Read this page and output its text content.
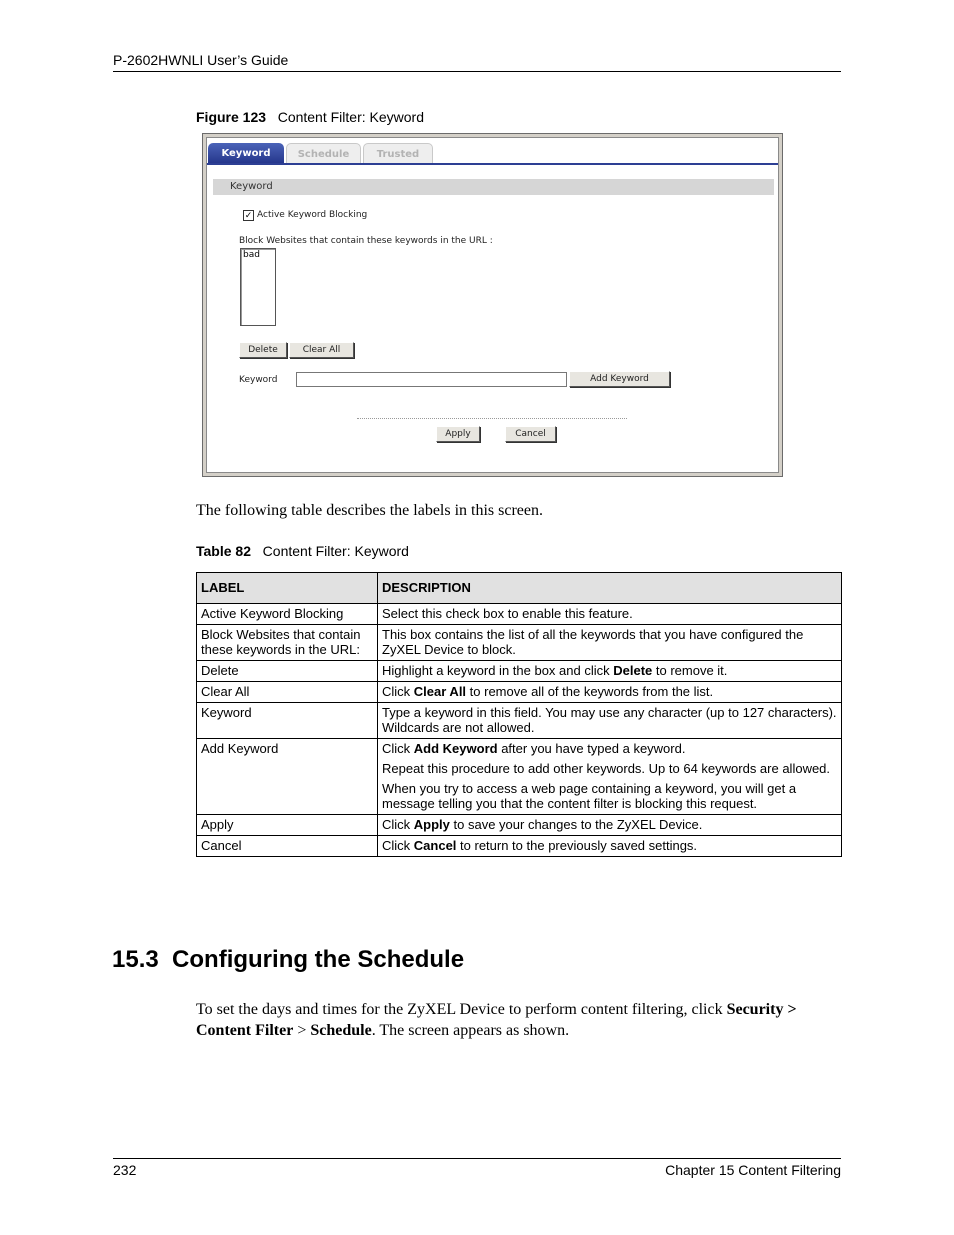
P-2602HWNLI User’s Guide
Figure 123 Content Filter: Keyword
Keyword	Schedule	Trusted
Keyword
✓ Active Keyword Blocking
Block Websites that contain these keywords in the URL :
bad
Delete	Clear All
Keyword	Add Keyword
Apply	Cancel
The following table describes the labels in this screen.
Table 82 Content Filter: Keyword
LABEL	DESCRIPTION
Active Keyword Blocking	Select this check box to enable this feature.
Block Websites that contain these keywords in the URL:	This box contains the list of all the keywords that you have configured the ZyXEL Device to block.
Delete	Highlight a keyword in the box and click Delete to remove it.
Clear All	Click Clear All to remove all of the keywords from the list.
Keyword	Type a keyword in this field. You may use any character (up to 127 characters). Wildcards are not allowed.
Add Keyword	Click Add Keyword after you have typed a keyword.

Repeat this procedure to add other keywords. Up to 64 keywords are allowed.

When you try to access a web page containing a keyword, you will get a message telling you that the content filter is blocking this request.

Apply	Click Apply to save your changes to the ZyXEL Device.
Cancel	Click Cancel to return to the previously saved settings.
15.3  Configuring the Schedule
To set the days and times for the ZyXEL Device to perform content filtering, click Security > Content Filter > Schedule. The screen appears as shown.
232	Chapter 15 Content Filtering
